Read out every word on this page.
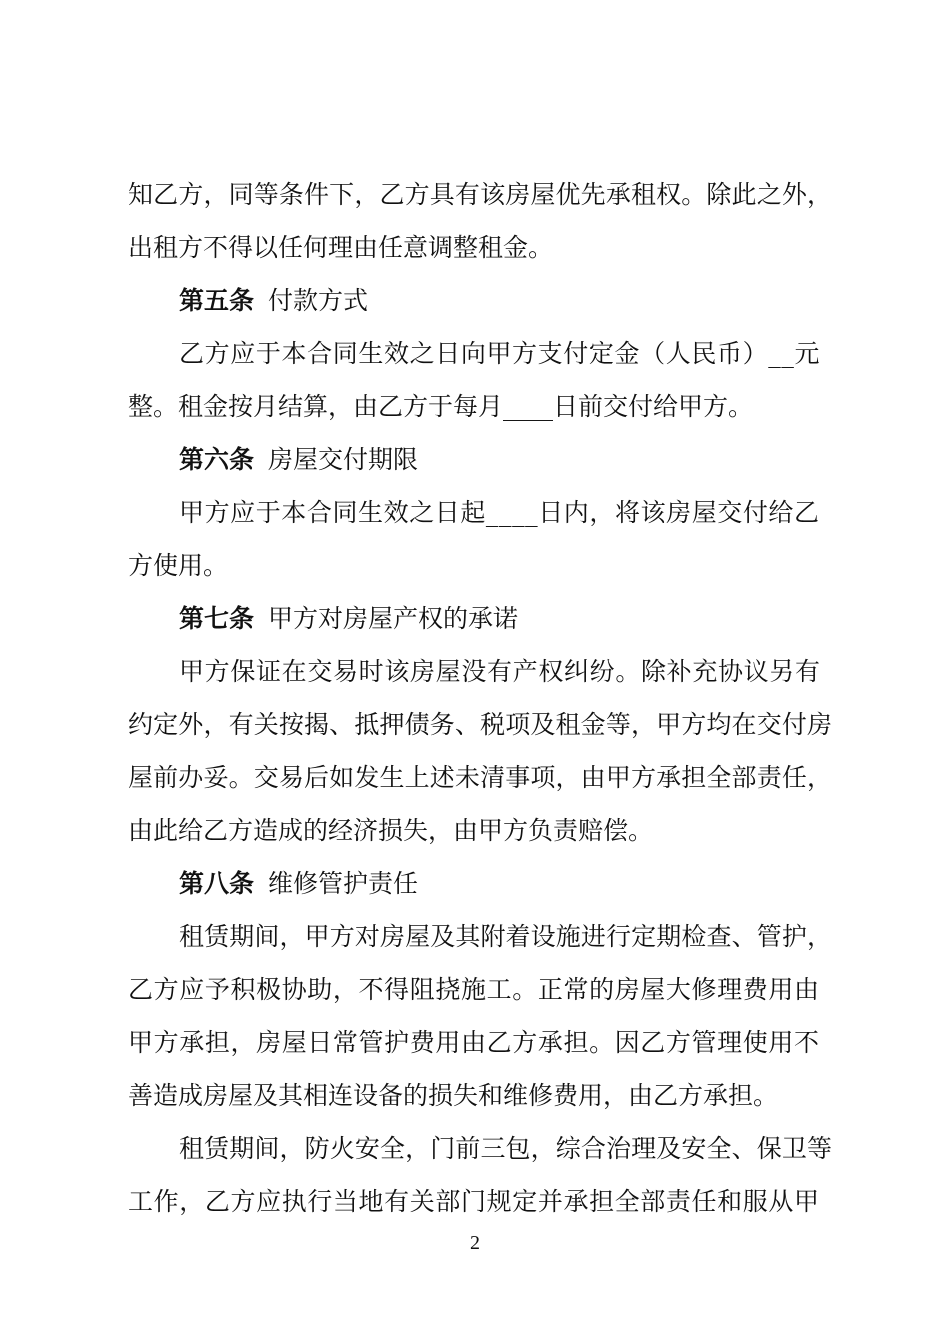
知乙方，同等条件下，乙方具有该房屋优先承租权。除此之外，
出租方不得以任何理由任意调整租金。
第五条 付款方式
乙方应于本合同生效之日向甲方支付定金（人民币）__元
整。租金按月结算，由乙方于每月____日前交付给甲方。
第六条 房屋交付期限
甲方应于本合同生效之日起____日内，将该房屋交付给乙
方使用。
第七条 甲方对房屋产权的承诺
甲方保证在交易时该房屋没有产权纠纷。除补充协议另有
约定外，有关按揭、抵押债务、税项及租金等，甲方均在交付房
屋前办妥。交易后如发生上述未清事项，由甲方承担全部责任，
由此给乙方造成的经济损失，由甲方负责赔偿。
第八条 维修管护责任
租赁期间，甲方对房屋及其附着设施进行定期检查、管护，
乙方应予积极协助，不得阻挠施工。正常的房屋大修理费用由
甲方承担，房屋日常管护费用由乙方承担。因乙方管理使用不
善造成房屋及其相连设备的损失和维修费用，由乙方承担。
租赁期间，防火安全，门前三包，综合治理及安全、保卫等
工作，乙方应执行当地有关部门规定并承担全部责任和服从甲
2
